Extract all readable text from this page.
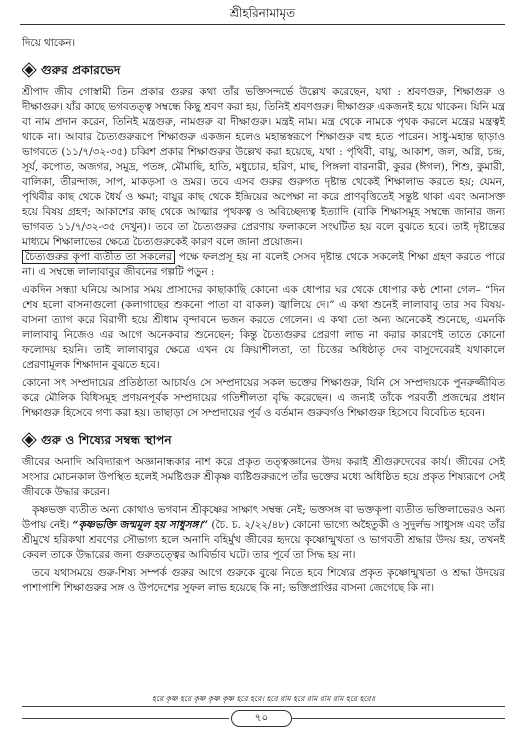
শ্রীহরিনামামৃত

দিয়ে থাকেন।

গুরুর প্রকারভেদ

শ্রীপাদ জীব গোস্বামী তিন প্রকার গুরুর কথা তাঁর ভক্তিসন্দর্ভে উল্লেখ করেছেন, যথা : শ্রবণগুরু, শিক্ষাগুরু ও দীক্ষাগুরু। যাঁর কাছে ভগবতত্ত্ব সম্বন্ধে কিছু শ্রবণ করা হয়, তিনিই শ্রবণগুরু। দীক্ষাগুরু একজনই হয়ে থাকেন। যিনি মন্ত্র বা নাম প্রদান করেন, তিনিই মন্ত্রগুরু, নামগুরু বা দীক্ষাগুরু। মন্ত্রই নাম। মন্ত্র থেকে নামকে পৃথক করলে মন্ত্রের মন্ত্রত্বই থাকে না। আবার চৈত্যগুরুরূপে শিক্ষাগুরু একজন হলেও মহান্তস্বরূপে শিক্ষাগুরু বহু হতে পারেন। সাধু-মহান্ত ছাড়াও ভাগবতে (১১/৭/৩২-৩৫) চব্বিশ প্রকার শিক্ষাগুরুর উল্লেখ করা হয়েছে, যথা : পৃথিবী, বায়ু, আকাশ, জল, অগ্নি, চন্দ্র, সূর্য, কপোত, অজগর, সমুদ্র, পতঙ্গ, মৌমাছি, হাতি, মধুচোর, হরিণ, মাছ, পিঙ্গলা বারনারী, কুরর (ঈগল), শিশু, কুমারী, বালিকা, তীরন্দাজ, সাপ, মাকড়সা ও ভ্রমর। তবে এসব গুরুর গুরুগত দৃষ্টান্ত থেকেই শিক্ষালাভ করতে হয়; যেমন, পৃথিবীর কাছ থেকে ধৈর্য ও ক্ষমা; বায়ুর কাছ থেকে ইন্দ্রিয়ের অপেক্ষা না করে প্রাণবৃত্তিতেই সন্তুষ্ট থাকা এবং অনাসক্ত হয়ে বিষয় গ্রহণ; আকাশের কাছ থেকে আত্মার পৃথকত্ব ও অবিচ্ছেদ্যত্ব ইত্যাদি (বাকি শিক্ষাসমূহ সম্বন্ধে জানার জন্য ভাগবত ১১/৭/৩২-৩৫ দেখুন)। তবে তা চৈত্যগুরুর প্রেরণায় ফলাকলে সংঘটিত হয় বলে বুঝতে হবে। তাই দৃষ্টান্তের মাধ্যমে শিক্ষালাভের ক্ষেত্রে চৈত্যগুরুকেই কারণ বলে জানা প্রয়োজন।
চৈত্যগুরুর কৃপা ব্যতীত তা সকলের পক্ষে ফলপ্রসূ হয় না বলেই সেসব দৃষ্টান্ত থেকে সকলেই শিক্ষা গ্রহণ করতে পারে না। এ সম্বন্ধে লালাবাবুর জীবনের গল্পটি পড়ুন :

একদিন সন্ধ্যা ঘনিয়ে আসার সময় প্রাসাদের কাছাকাছি কোনো এক ধোপার ঘর থেকে ধোপার কণ্ঠ শোনা গেল– “দিন শেষ হলো বাসনাগুলো (কলাগাছের শুকনো পাতা বা বাকল) জ্বালিয়ে দে।” এ কথা শুনেই লালাবাবু তার সব বিষয়-বাসনা ত্যাগ করে বিরাগী হয়ে শ্রীধাম বৃন্দাবনে ভজন করতে গেলেন। এ কথা তো অন্য অনেকেই শুনেছে, এমনকি লালাবাবু নিজেও এর আগে অনেকবার শুনেছেন; কিন্তু চৈত্যগুরুর প্রেরণা লাভ না করার কারণেই তাতে কোনো ফলোদয় হয়নি। তাই লালাবাবুর ক্ষেত্রে এখন যে ক্রিয়াশীলতা, তা চিত্তের অধিষ্ঠাতৃ দেব বাসুদেবেরই যথাকালে প্রেরণামূলক শিক্ষাদান বুঝতে হবে।

কোনো সৎ সম্প্রদায়ের প্রতিষ্ঠাতা আচার্যও সে সম্প্রদায়ের সকল ভক্তের শিক্ষাগুরু, যিনি সে সম্প্রদায়কে পুনরুজ্জীবিত করে মৌলিক বিধিসমূহ প্রণয়নপূর্বক সম্প্রদায়ের গতিশীলতা বৃদ্ধি করেছেন। এ জন্যই তাঁকে পরবর্তী প্রজন্মের প্রধান শিক্ষাগুরু হিসেবে গণ্য করা হয়। তাছাড়া সে সম্প্রদায়ের পূর্ব ও বর্তমান গুরুবর্গও শিক্ষাগুরু হিসেবে বিবেচিত হবেন।

গুরু ও শিষ্যের সম্বন্ধ স্থাপন

জীবের অনাদি অবিদ্যারূপ অজ্ঞানান্ধকার নাশ করে প্রকৃত তত্ত্বজ্ঞানের উদয় করাই শ্রীগুরুদেবের কার্য। জীবের সেই সংসার মোচনকাল উপস্থিত হলেই সমষ্টিগুরু শ্রীকৃষ্ণ ব্যষ্টিগুরুরূপে তাঁর ভক্তের মধ্যে অধিষ্ঠিত হয়ে প্রকৃত শিষ্যরূপে সেই জীবকে উদ্ধার করেন।

কৃষ্ণভক্ত ব্যতীত অন্য কোথাও ভগবান শ্রীকৃষ্ণের সাক্ষাৎ সম্বন্ধ নেই; ভক্তসঙ্গ বা ভক্তকৃপা ব্যতীত ভক্তিলাভেরও অন্য উপায় নেই। “কৃষ্ণভক্তি জন্মমূল হয় সাধুসঙ্গ।” (চৈ. চ. ২/২২/৪৮) কোনো ভাগ্যে অহৈতুকী ও সুদুর্লভ সাধুসঙ্গ এবং তাঁর শ্রীমুখে হরিকথা শ্রবণের সৌভাগ্য হলে অনাদি বহির্মুখ জীবের হৃদয়ে কৃষ্ণোন্মুখতা ও ভাগবতী শ্রদ্ধার উদয় হয়, তখনই কেবল তাকে উদ্ধারের জন্য গুরুতত্ত্বের আবির্ভাব ঘটে। তার পূর্বে তা সিদ্ধ হয় না।

তবে যথাসময়ে গুরু-শিষ্য সম্পর্ক গুরুর আগে গুরুকে বুঝে নিতে হবে শিষ্যের প্রকৃত কৃষ্ণোন্মুখতা ও শ্রদ্ধা উদয়ের পাশাপাশি শিক্ষাগুরুর সঙ্গ ও উপদেশের সুফল লাভ হয়েছে কি না; ভক্তিপ্রাপ্তির বাসনা জেগেছে কি না।

হরে কৃষ্ণ হরে কৃষ্ণ কৃষ্ণ কৃষ্ণ হরে হরে। হরে রাম হরে রাম রাম রাম হরে হরে॥
৭০
